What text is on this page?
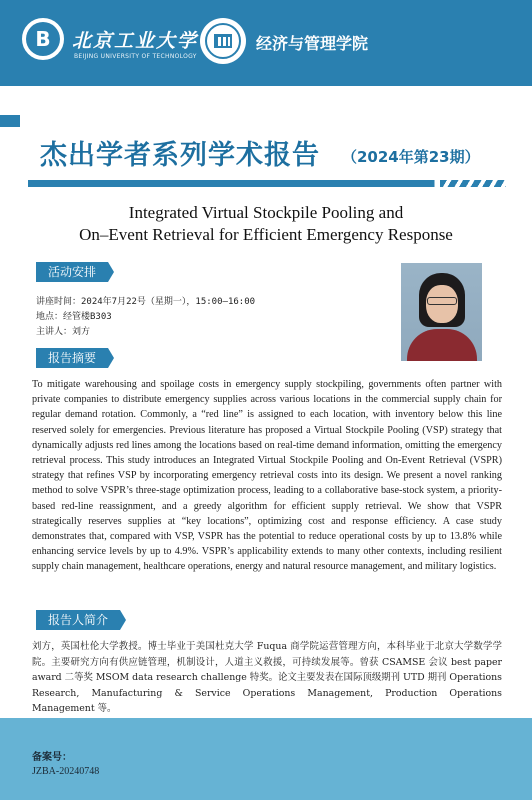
B	北京工业大学
BEIJING UNIVERSITY OF TECHNOLOGY
经济与管理学院
杰出学者系列学术报告 （2024年第23期）
Integrated Virtual Stockpile Pooling and
On–Event Retrieval for Efficient Emergency Response
活动安排
讲座时间：2024年7月22号（星期一），15:00—16:00
地点：经管楼B303
主讲人：刘方
报告摘要
To mitigate warehousing and spoilage costs in emergency supply stockpiling, governments often partner with private companies to distribute emergency supplies across various locations in the commercial supply chain for regular demand rotation. Commonly, a “red line” is assigned to each location, with inventory below this line reserved solely for emergencies. Previous literature has proposed a Virtual Stockpile Pooling (VSP) strategy that dynamically adjusts red lines among the locations based on real-time demand information, omitting the emergency retrieval process. This study introduces an Integrated Virtual Stockpile Pooling and On-Event Retrieval (VSPR) strategy that refines VSP by incorporating emergency retrieval costs into its design. We present a novel ranking method to solve VSPR’s three-stage optimization process, leading to a collaborative base-stock system, a priority-based red-line reassignment, and a greedy algorithm for efficient supply retrieval. We show that VSPR strategically reserves supplies at “key locations”, optimizing cost and response efficiency. A case study demonstrates that, compared with VSP, VSPR has the potential to reduce operational costs by up to 13.8% while enhancing service levels by up to 4.9%. VSPR’s applicability extends to many other contexts, including resilient supply chain management, healthcare operations, energy and natural resource management, and military logistics.
报告人简介
刘方，英国杜伦大学教授。博士毕业于美国杜克大学 Fuqua 商学院运营管理方向，本科毕业于北京大学数学学院。主要研究方向有供应链管理，机制设计，人道主义救援，可持续发展等。曾获 CSAMSE 会议 best paper award 二等奖 MSOM data research challenge 特奖。论文主要发表在国际顶级期刊 UTD 期刊 Operations Research, Manufacturing & Service Operations Management, Production Operations Management 等。
备案号：
JZBA-20240748
